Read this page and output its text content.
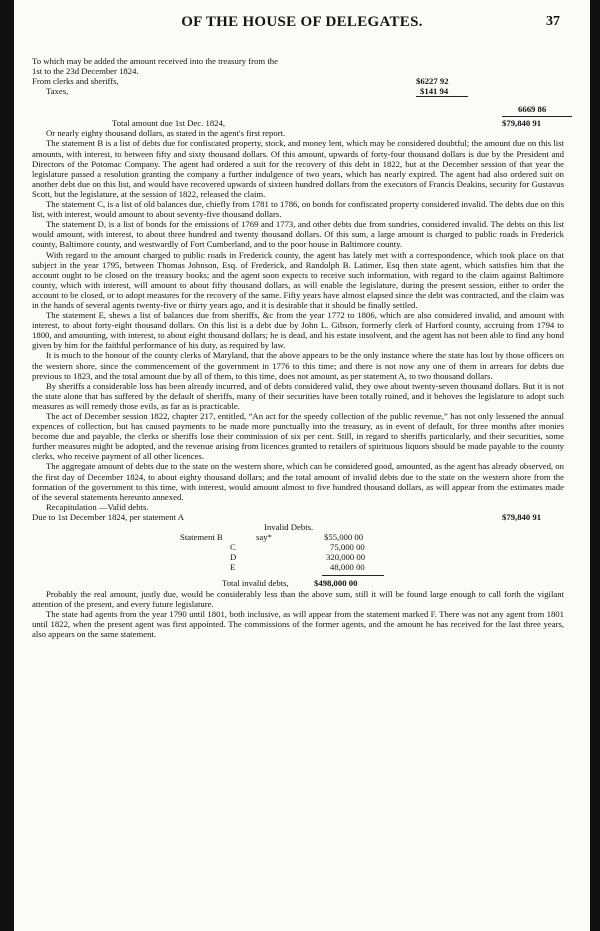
OF THE HOUSE OF DELEGATES.	37
To which may be added the amount received into the treasury from the
1st to the 23d December 1824.
From clerks and sheriffs,	$6227 92
Taxes,	$141 94
6669 86
Total amount due 1st Dec. 1824,	$79,840 91

Or nearly eighty thousand dollars, as stated in the agent's first report.

The statement B is a list of debts due for confiscated property, stock, and money lent, which may be considered doubtful; the amount due on this list amounts, with interest, to between fifty and sixty thousand dollars. Of this amount, upwards of forty-four thousand dollars is due by the President and Directors of the Potomac Company. The agent had ordered a suit for the recovery of this debt in 1822, but at the December session of that year the legislature passed a resolution granting the company a further indulgence of two years, which has nearly expired. The agent had also ordered suit on another debt due on this list, and would have recovered upwards of sixteen hundred dollars from the executors of Francis Deakins, security for Gustavus Scott, but the legislature, at the session of 1822, released the claim.

The statement C, is a list of old balances due, chiefly from 1781 to 1786, on bonds for confiscated property considered invalid. The debts due on this list, with interest, would amount to about seventy-five thousand dollars.

The statement D, is a list of bonds for the emissions of 1769 and 1773, and other debts due from sundries, considered invalid. The debts on this list would amount, with interest, to about three hundred and twenty thousand dollars. Of this sum, a large amount is charged to public roads in Frederick county, Baltimore county, and westwardly of Fort Cumberland, and to the poor house in Baltimore county.

With regard to the amount charged to public roads in Frederick county, the agent has lately met with a correspondence, which took place on that subject in the year 1795, between Thomas Johnson, Esq. of Frederick, and Randolph B. Latimer, Esq then state agent, which satisfies him that the account ought to be closed on the treasury books; and the agent soon expects to receive such information, with regard to the claim against Baltimore county, which with interest, will amount to about fifty thousand dollars, as will enable the legislature, during the present session, either to order the account to be closed, or to adopt measures for the recovery of the same. Fifty years have almost elapsed since the debt was contracted, and the claim was in the hands of several agents twenty-five or thirty years ago, and it is desirable that it should be finally settled.

The statement E, shews a list of balances due from sheriffs, &c from the year 1772 to 1806, which are also considered invalid, and amount with interest, to about forty-eight thousand dollars. On this list is a debt due by John L. Gibson, formerly clerk of Harford county, accruing from 1794 to 1800, and amounting, with interest, to about eight thousand dollars; he is dead, and his estate insolvent, and the agent has not been able to find any bond given by him for the faithful performance of his duty, as required by law.

It is much to the honour of the county clerks of Maryland, that the above appears to be the only instance where the state has lost by those officers on the western shore, since the commencement of the government in 1776 to this time; and there is not now any one of them in arrears for debts due previous to 1823, and the total amount due by all of them, to this time, does not amount, as per statement A, to two thousand dollars.

By sheriffs a considerable loss has been already incurred, and of debts considered valid, they owe about twenty-seven thousand dollars. But it is not the state alone that has suffered by the default of sheriffs, many of their securities have been totally ruined, and it behoves the legislature to adopt such measures as will remedy those evils, as far as is practicable.

The act of December session 1822, chapter 217, entitled, “An act for the speedy collection of the public revenue,” has not only lessened the annual expences of collection, but has caused payments to be made more punctually into the treasury, as in event of default, for three months after monies become due and payable, the clerks or sheriffs lose their commission of six per cent. Still, in regard to sheriffs particularly, and their securities, some further measures might be adopted, and the revenue arising from licences granted to retailers of spirituous liquors should be made payable to the county clerks, who receive payment of all other licences.

The aggregate amount of debts due to the state on the western shore, which can be considered good, amounted, as the agent has already observed, on the first day of December 1824, to about eighty thousand dollars; and the total amount of invalid debts due to the state on the western shore from the formation of the government to this time, with interest, would amount almost to five hundred thousand dollars, as will appear from the estimates made of the several statements hereunto annexed.

Recapitulation —Valid debts.
Due to 1st December 1824, per statement A	$79,840 91
Invalid Debts.
Statement B	say*	$55,000 00
C	75,000 00
D	320,000 00
E	48,000 00
Total invalid debts,	$498,000 00

Probably the real amount, justly due, would be considerably less than the above sum, still it will be found large enough to call forth the vigilant attention of the present, and every future legislature.

The state had agents from the year 1790 until 1801, both inclusive, as will appear from the statement marked F. There was not any agent from 1801 until 1822, when the present agent was first appointed. The commissions of the former agents, and the amount he has received for the last three years, also appears on the same statement.
